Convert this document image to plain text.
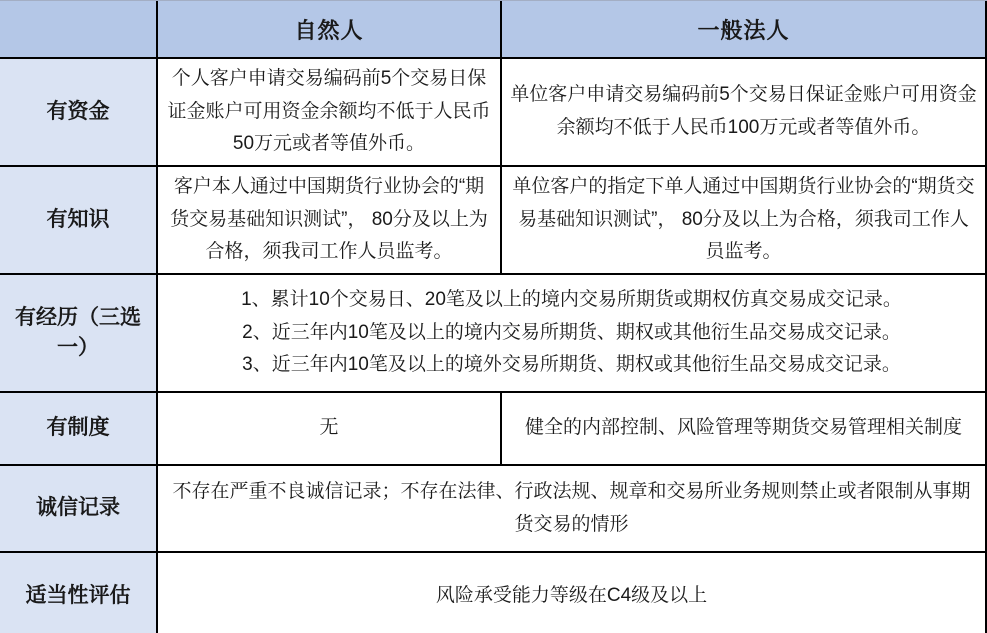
	自然人	一般法人
有资金	个人客户申请交易编码前5个交易日保证金账户可用资金余额均不低于人民币50万元或者等值外币。	单位客户申请交易编码前5个交易日保证金账户可用资金余额均不低于人民币100万元或者等值外币。
有知识	客户本人通过中国期货行业协会的“期货交易基础知识测试”， 80分及以上为合格，须我司工作人员监考。	单位客户的指定下单人通过中国期货行业协会的“期货交易基础知识测试”， 80分及以上为合格，须我司工作人员监考。
有经历（三选一）	1、累计10个交易日、20笔及以上的境内交易所期货或期权仿真交易成交记录。
2、近三年内10笔及以上的境内交易所期货、期权或其他衍生品交易成交记录。
3、近三年内10笔及以上的境外交易所期货、期权或其他衍生品交易成交记录。	

有制度	无	健全的内部控制、风险管理等期货交易管理相关制度
诚信记录	不存在严重不良诚信记录；不存在法律、行政法规、规章和交易所业务规则禁止或者限制从事期货交易的情形	
适当性评估	风险承受能力等级在C4级及以上	
